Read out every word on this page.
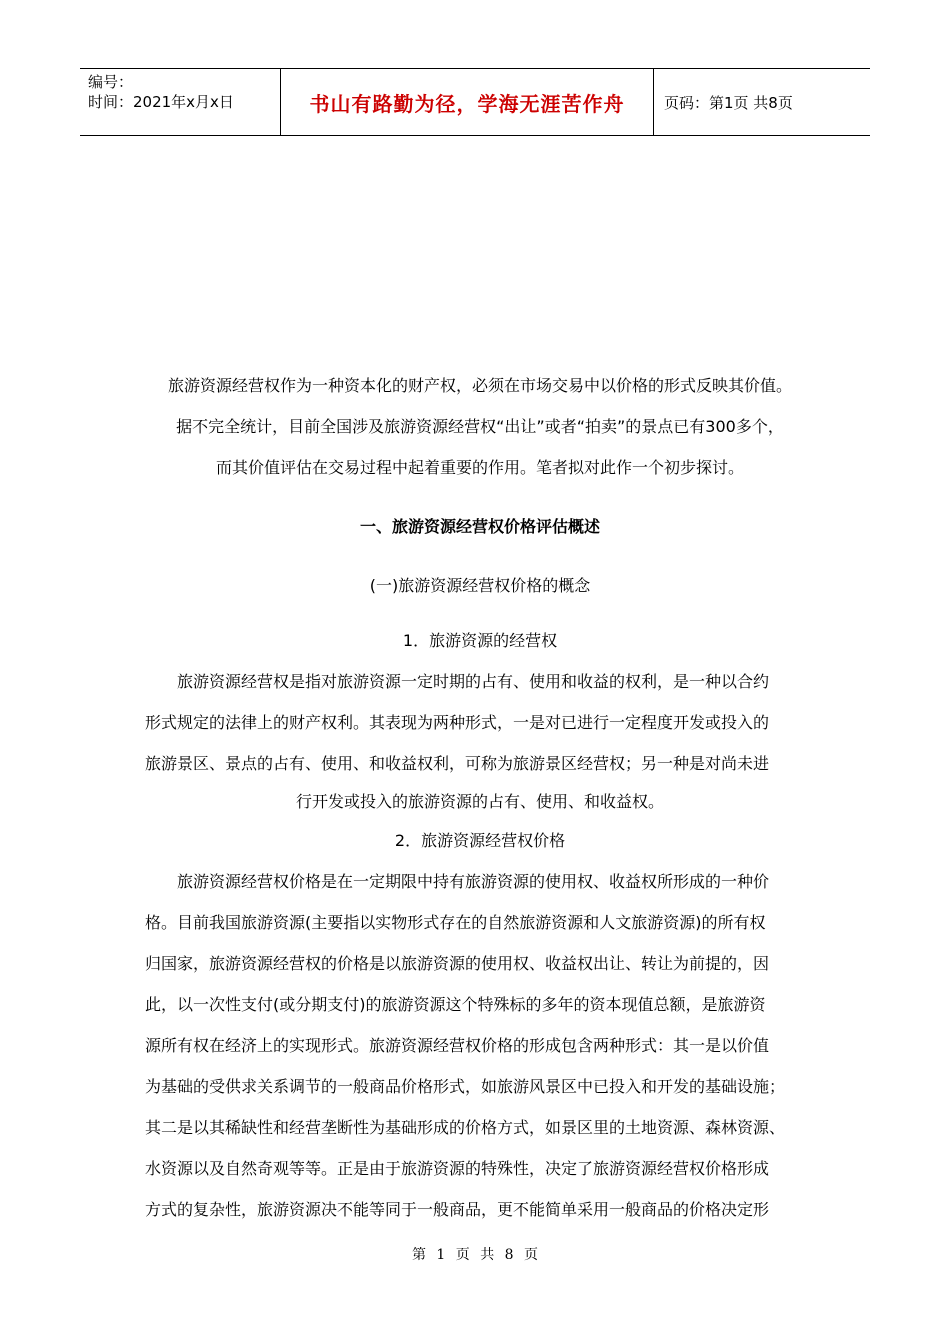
编号：
时间：2021年x月x日	书山有路勤为径，学海无涯苦作舟	页码：第1页 共8页
旅游资源经营权作为一种资本化的财产权，必须在市场交易中以价格的形式反映其价值。
据不完全统计，目前全国涉及旅游资源经营权“出让”或者“拍卖”的景点已有300多个，
而其价值评估在交易过程中起着重要的作用。笔者拟对此作一个初步探讨。
一、旅游资源经营权价格评估概述
(一)旅游资源经营权价格的概念
1．旅游资源的经营权
旅游资源经营权是指对旅游资源一定时期的占有、使用和收益的权利，是一种以合约
形式规定的法律上的财产权利。其表现为两种形式，一是对已进行一定程度开发或投入的
旅游景区、景点的占有、使用、和收益权利，可称为旅游景区经营权；另一种是对尚未进
行开发或投入的旅游资源的占有、使用、和收益权。
2．旅游资源经营权价格
旅游资源经营权价格是在一定期限中持有旅游资源的使用权、收益权所形成的一种价
格。目前我国旅游资源(主要指以实物形式存在的自然旅游资源和人文旅游资源)的所有权
归国家，旅游资源经营权的价格是以旅游资源的使用权、收益权出让、转让为前提的，因
此，以一次性支付(或分期支付)的旅游资源这个特殊标的多年的资本现值总额，是旅游资
源所有权在经济上的实现形式。旅游资源经营权价格的形成包含两种形式：其一是以价值
为基础的受供求关系调节的一般商品价格形式，如旅游风景区中已投入和开发的基础设施；
其二是以其稀缺性和经营垄断性为基础形成的价格方式，如景区里的土地资源、森林资源、
水资源以及自然奇观等等。正是由于旅游资源的特殊性，决定了旅游资源经营权价格形成
方式的复杂性，旅游资源决不能等同于一般商品，更不能简单采用一般商品的价格决定形
第 1 页 共 8 页
